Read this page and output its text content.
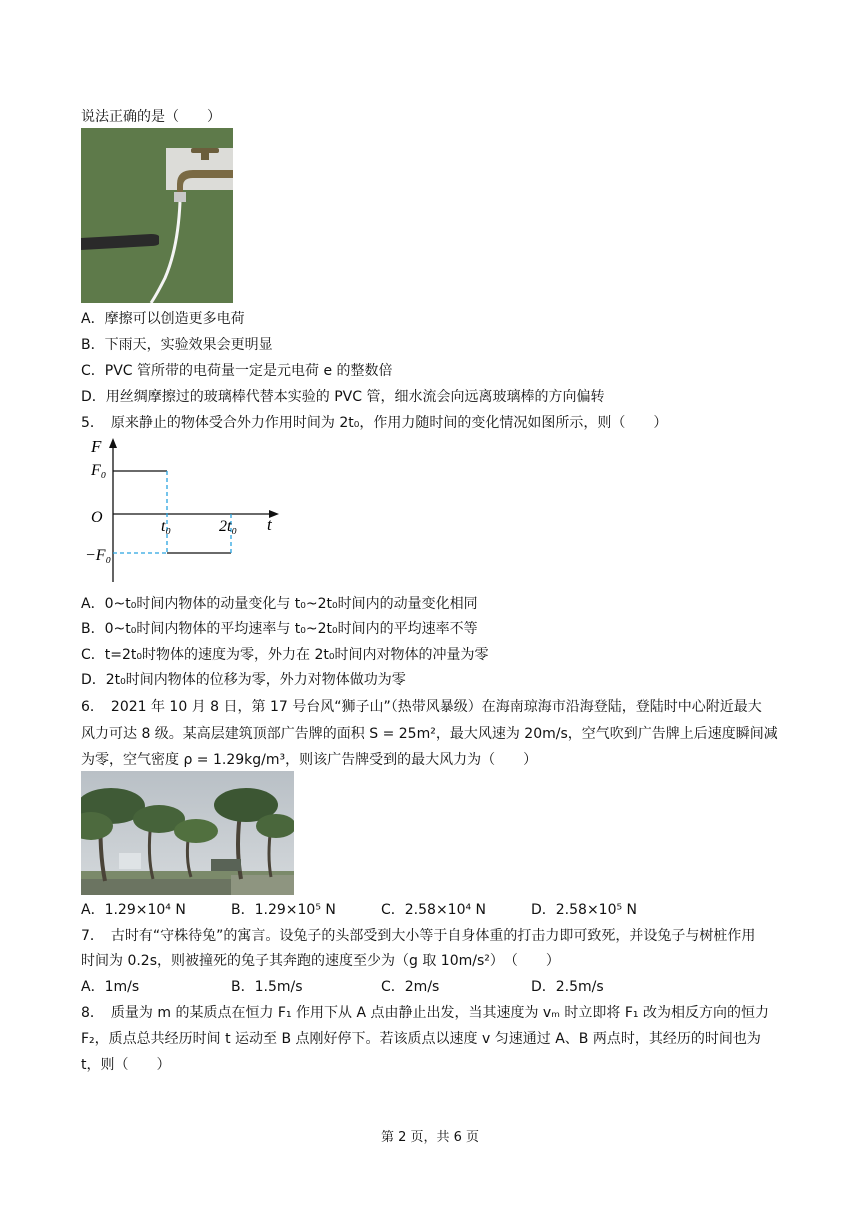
说法正确的是（　　）
A．摩擦可以创造更多电荷
B．下雨天，实验效果会更明显
C．PVC 管所带的电荷量一定是元电荷 e 的整数倍
D．用丝绸摩擦过的玻璃棒代替本实验的 PVC 管，细水流会向远离玻璃棒的方向偏转
5．　原来静止的物体受合外力作用时间为 2t₀，作用力随时间的变化情况如图所示，则（　　）
F
t
F₀
O
−F₀
t₀	2t₀
A．0~t₀时间内物体的动量变化与 t₀~2t₀时间内的动量变化相同
B．0~t₀时间内物体的平均速率与 t₀~2t₀时间内的平均速率不等
C．t=2t₀时物体的速度为零，外力在 2t₀时间内对物体的冲量为零
D．2t₀时间内物体的位移为零，外力对物体做功为零
6．　2021 年 10 月 8 日，第 17 号台风“狮子山”（热带风暴级）在海南琼海市沿海登陆，登陆时中心附近最大
风力可达 8 级。某高层建筑顶部广告牌的面积 S = 25m²，最大风速为 20m/s，空气吹到广告牌上后速度瞬间减
为零，空气密度 ρ = 1.29kg/m³，则该广告牌受到的最大风力为（　　）
A．1.29×10⁴ N	B．1.29×10⁵ N	C．2.58×10⁴ N	D．2.58×10⁵ N
7．　古时有“守株待兔”的寓言。设兔子的头部受到大小等于自身体重的打击力即可致死，并设兔子与树桩作用
时间为 0.2s，则被撞死的兔子其奔跑的速度至少为（g 取 10m/s²）　（　　）
A．1m/s	B．1.5m/s	C．2m/s	D．2.5m/s
8．　质量为 m 的某质点在恒力 F₁ 作用下从 A 点由静止出发，当其速度为 vₘ 时立即将 F₁ 改为相反方向的恒力
F₂，质点总共经历时间 t 运动至 B 点刚好停下。若该质点以速度 v 匀速通过 A、B 两点时，其经历的时间也为
t，则（　　）
第 2 页，共 6 页
